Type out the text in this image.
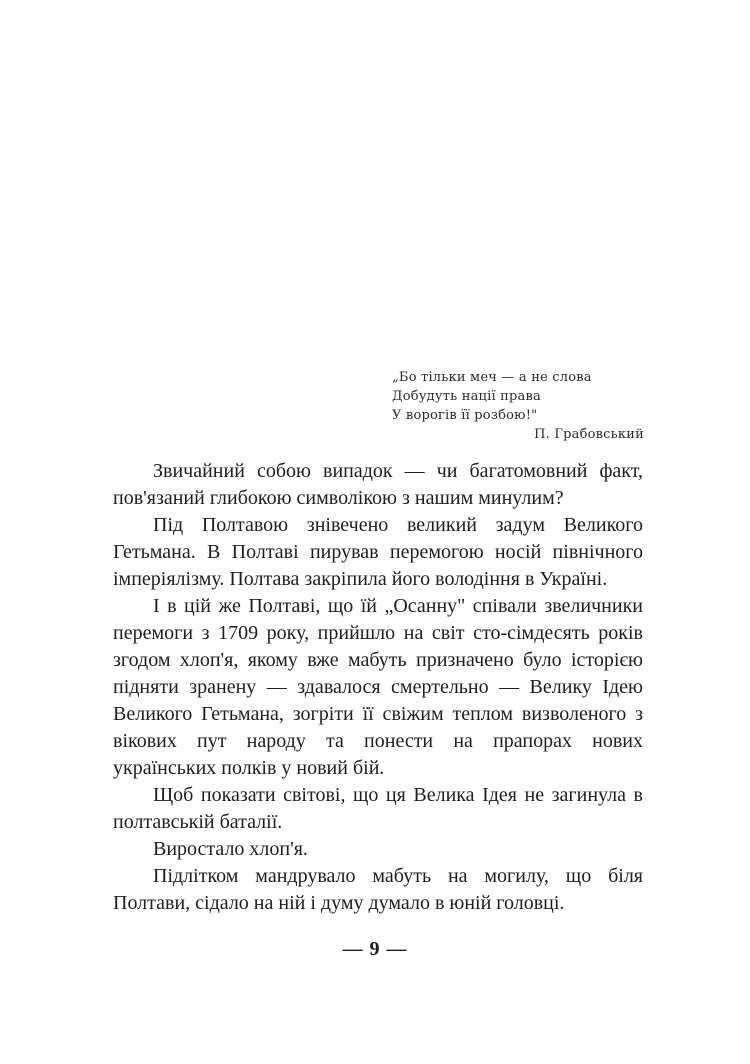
„Бо тільки меч — а не слова
Добудуть нації права
У ворогів її розбою!"
П. Грабовський

Звичайний собою випадок — чи багатомовний факт, пов'язаний глибокою символікою з нашим минулим?

Під Полтавою знівечено великий задум Великого Гетьмана. В Полтаві пирував перемогою носій північного імперіялізму. Полтава закріпила його володіння в Україні.

І в цій же Полтаві, що їй „Осанну" співали звеличники перемоги з 1709 року, прийшло на світ сто-сімдесять років згодом хлоп'я, якому вже мабуть призначено було історією підняти зранену — здавалося смертельно — Велику Ідею Великого Гетьмана, зогріти її свіжим теплом визволеного з вікових пут народу та понести на прапорах нових українських полків у новий бій.

Щоб показати світові, що ця Велика Ідея не загинула в полтавській баталії.

Виростало хлоп'я.

Підлітком мандрувало мабуть на могилу, що біля Полтави, сідало на ній і думу думало в юній головці.

— 9 —
